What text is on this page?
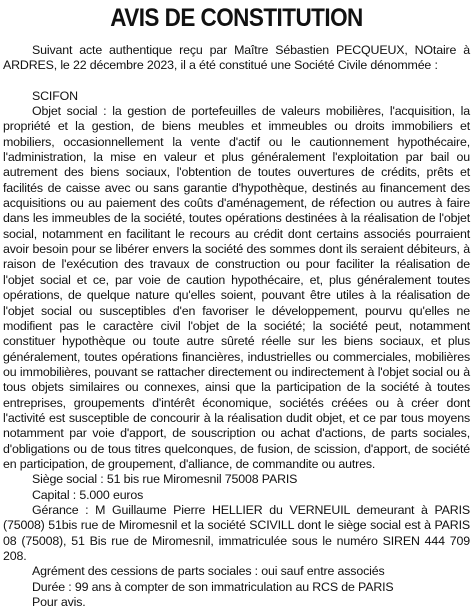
AVIS DE CONSTITUTION

Suivant acte authentique reçu par Maître Sébastien PECQUEUX, NOtaire à ARDRES, le 22 décembre 2023, il a été constitué une Société Civile dénommée :

SCIFON

Objet social : la gestion de portefeuilles de valeurs mobilières, l'acquisition, la propriété et la gestion, de biens meubles et immeubles ou droits immobiliers et mobiliers, occasionnellement la vente d'actif ou le cautionnement hypothécaire, l'administration, la mise en valeur et plus généralement l'exploitation par bail ou autrement des biens sociaux, l'obtention de toutes ouvertures de crédits, prêts et facilités de caisse avec ou sans garantie d'hypothèque, destinés au financement des acquisitions ou au paiement des coûts d'aménagement, de réfection ou autres à faire dans les immeubles de la société, toutes opérations destinées à la réalisation de l'objet social, notamment en facilitant le recours au crédit dont certains associés pourraient avoir besoin pour se libérer envers la société des sommes dont ils seraient débiteurs, à raison de l'exécution des travaux de construction ou pour faciliter la réalisation de l'objet social et ce, par voie de caution hypothécaire, et, plus généralement toutes opérations, de quelque nature qu'elles soient, pouvant être utiles à la réalisation de l'objet social ou susceptibles d'en favoriser le développement, pourvu qu'elles ne modifient pas le caractère civil l'objet de la société; la société peut, notamment constituer hypothèque ou toute autre sûreté réelle sur les biens sociaux, et plus généralement, toutes opérations financières, industrielles ou commerciales, mobilières ou immobilières, pouvant se rattacher directement ou indirectement à l'objet social ou à tous objets similaires ou connexes, ainsi que la participation de la société à toutes entreprises, groupements d'intérêt économique, sociétés créées ou à créer dont l'activité est susceptible de concourir à la réalisation dudit objet, et ce par tous moyens notamment par voie d'apport, de souscription ou achat d'actions, de parts sociales, d'obligations ou de tous titres quelconques, de fusion, de scission, d'apport, de société en participation, de groupement, d'alliance, de commandite ou autres.

Siège social : 51 bis rue Miromesnil 75008 PARIS

Capital : 5.000 euros

Gérance : M Guillaume Pierre HELLIER du VERNEUIL demeurant à PARIS (75008) 51bis rue de Miromesnil et la société SCIVILL dont le siège social est à PARIS 08 (75008), 51 Bis rue de Miromesnil, immatriculée sous le numéro SIREN 444 709 208.

Agrément des cessions de parts sociales : oui sauf entre associés

Durée : 99 ans à compter de son immatriculation au RCS de PARIS

Pour avis.
